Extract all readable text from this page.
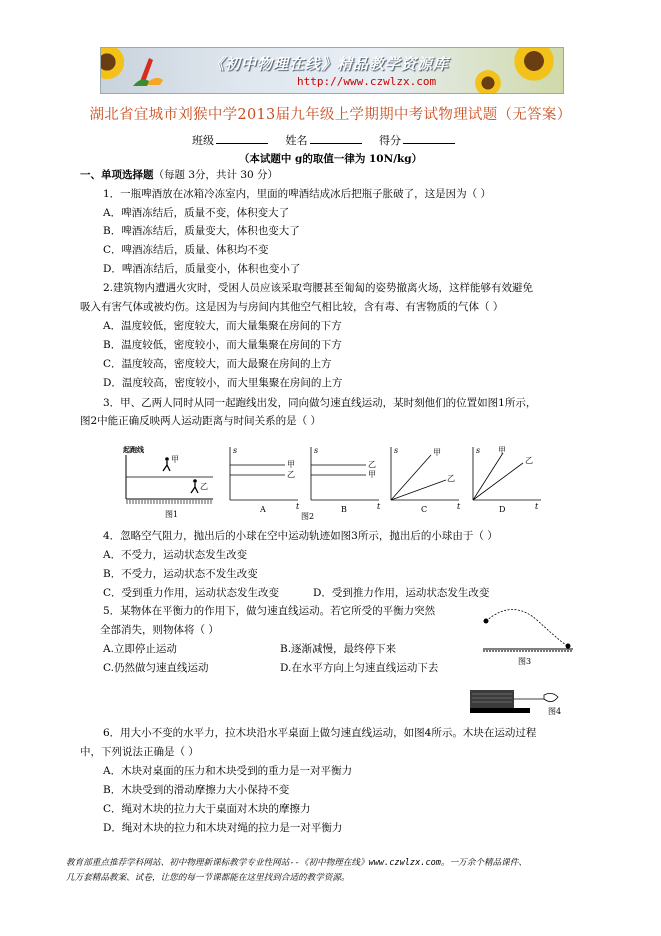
《初中物理在线》精品教学资源库
http://www.czwlzx.com
湖北省宜城市刘猴中学2013届九年级上学期期中考试物理试题（无答案）
班级	姓名	得分
（本试题中 g的取值一律为 10N/kg）
一、单项选择题（每题 3分，共计 30 分）
1．一瓶啤酒放在冰箱冷冻室内，里面的啤酒结成冰后把瓶子胀破了，这是因为（ ）
A．啤酒冻结后，质量不变，体积变大了
B．啤酒冻结后，质量变大，体积也变大了
C．啤酒冻结后，质量、体积均不变
D．啤酒冻结后，质量变小，体积也变小了
2.建筑物内遭遇火灾时，受困人员应该采取弯腰甚至匍匐的姿势撤离火场，这样能够有效避免
吸入有害气体或被灼伤。这是因为与房间内其他空气相比较，含有毒、有害物质的气体（ ）
A．温度较低，密度较大，而大量集聚在房间的下方
B．温度较低，密度较小，而大量集聚在房间的下方
C．温度较高，密度较大，而大最聚在房间的上方
D．温度较高，密度较小，而大里集聚在房间的上方
3．甲、乙两人同时从同一起跑线出发，同向做匀速直线运动，某时刻他们的位置如图1所示，
图2中能正确反映两人运动距离与时间关系的是（ ）
起跑线
甲
乙
图1
s
t
甲
乙
A
s
t
乙
甲
B
图2
s
t
甲
乙
C
s
t
甲
乙
D
4．忽略空气阻力，抛出后的小球在空中运动轨迹如图3所示，抛出后的小球由于（ ）
A．不受力，运动状态发生改变
B．不受力，运动状态不发生改变
C．受到重力作用，运动状态发生改变	D．受到推力作用，运动状态发生改变
5．某物体在平衡力的作用下，做匀速直线运动。若它所受的平衡力突然
全部消失，则物体将（ ）
A.立即停止运动	B.逐渐减慢，最终停下来
C.仍然做匀速直线运动	D.在水平方向上匀速直线运动下去
图3
图4
6．用大小不变的水平力，拉木块沿水平桌面上做匀速直线运动，如图4所示。木块在运动过程
中，下列说法正确是（ ）
A．木块对桌面的压力和木块受到的重力是一对平衡力
B．木块受到的滑动摩擦力大小保持不变
C．绳对木块的拉力大于桌面对木块的摩擦力
D．绳对木块的拉力和木块对绳的拉力是一对平衡力
教育部重点推荐学科网站、初中物理新课标教学专业性网站--《初中物理在线》www.czwlzx.com。一万余个精品课件、
几万套精品教案、试卷，让您的每一节课都能在这里找到合适的教学资源。
